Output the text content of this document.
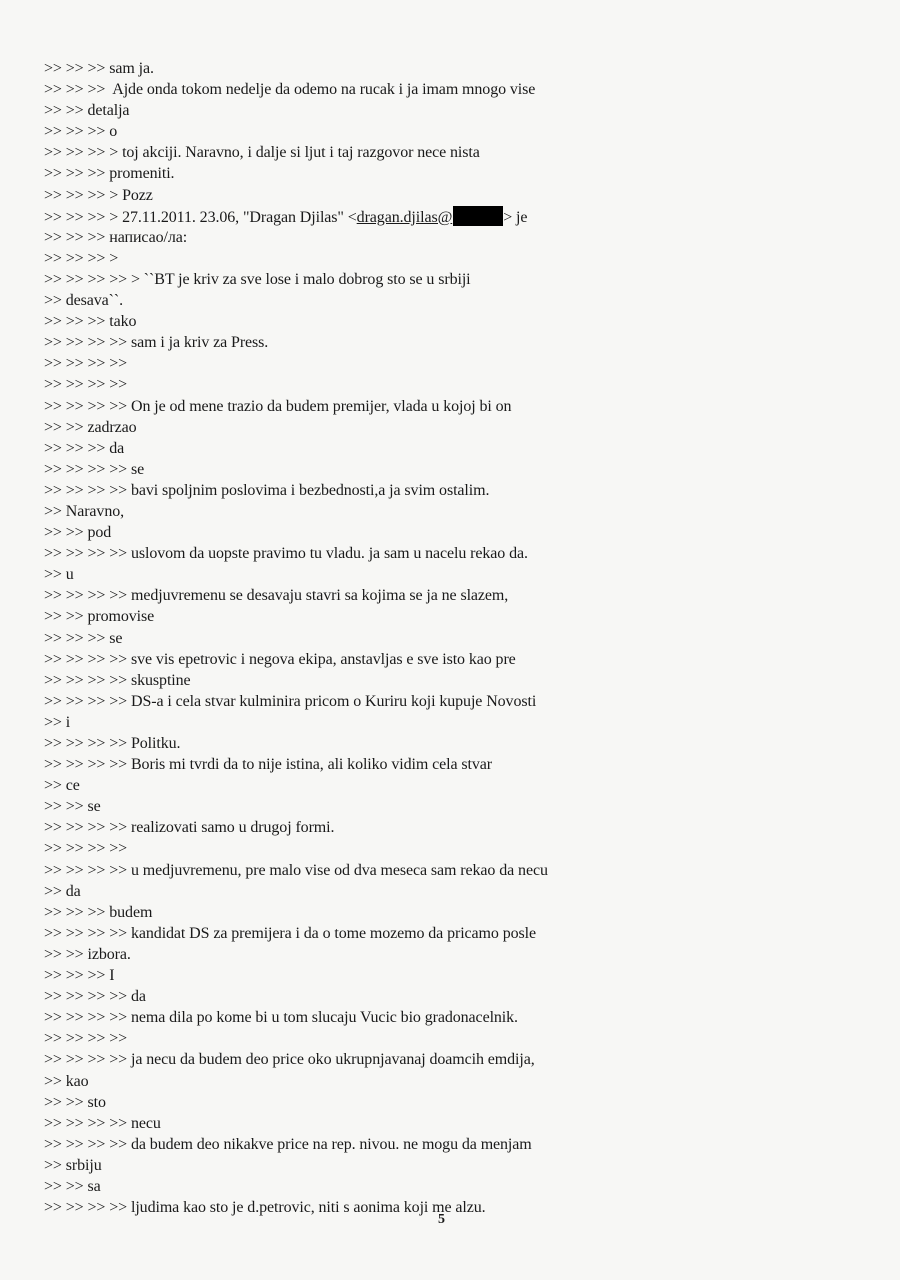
>> >> >> sam ja.
>> >> >>  Ajde onda tokom nedelje da odemo na rucak i ja imam mnogo vise
>> >> detalja
>> >> >> o
>> >> >> > toj akciji. Naravno, i dalje si ljut i taj razgovor nece nista
>> >> >> promeniti.
>> >> >> > Pozz
>> >> >> > 27.11.2011. 23.06, "Dragan Djilas" <dragan.djilas@	> je
>> >> >> написао/ла:
>> >> >> >
>> >> >> >> > ``BT je kriv za sve lose i malo dobrog sto se u srbiji
>> desava``.
>> >> >> tako
>> >> >> >> sam i ja kriv za Press.
>> >> >> >>
>> >> >> >>
>> >> >> >> On je od mene trazio da budem premijer, vlada u kojoj bi on
>> >> zadrzao
>> >> >> da
>> >> >> >> se
>> >> >> >> bavi spoljnim poslovima i bezbednosti,a ja svim ostalim.
>> Naravno,
>> >> pod
>> >> >> >> uslovom da uopste pravimo tu vladu. ja sam u nacelu rekao da.
>> u
>> >> >> >> medjuvremenu se desavaju stavri sa kojima se ja ne slazem,
>> >> promovise
>> >> >> se
>> >> >> >> sve vis epetrovic i negova ekipa, anstavljas e sve isto kao pre
>> >> >> >> skusptine
>> >> >> >> DS-a i cela stvar kulminira pricom o Kuriru koji kupuje Novosti
>> i
>> >> >> >> Politku.
>> >> >> >> Boris mi tvrdi da to nije istina, ali koliko vidim cela stvar
>> ce
>> >> se
>> >> >> >> realizovati samo u drugoj formi.
>> >> >> >>
>> >> >> >> u medjuvremenu, pre malo vise od dva meseca sam rekao da necu
>> da
>> >> >> budem
>> >> >> >> kandidat DS za premijera i da o tome mozemo da pricamo posle
>> >> izbora.
>> >> >> I
>> >> >> >> da
>> >> >> >> nema dila po kome bi u tom slucaju Vucic bio gradonacelnik.
>> >> >> >>
>> >> >> >> ja necu da budem deo price oko ukrupnjavanaj doamcih emdija,
>> kao
>> >> sto
>> >> >> >> necu
>> >> >> >> da budem deo nikakve price na rep. nivou. ne mogu da menjam
>> srbiju
>> >> sa
>> >> >> >> ljudima kao sto je d.petrovic, niti s aonima koji me alzu.
5
